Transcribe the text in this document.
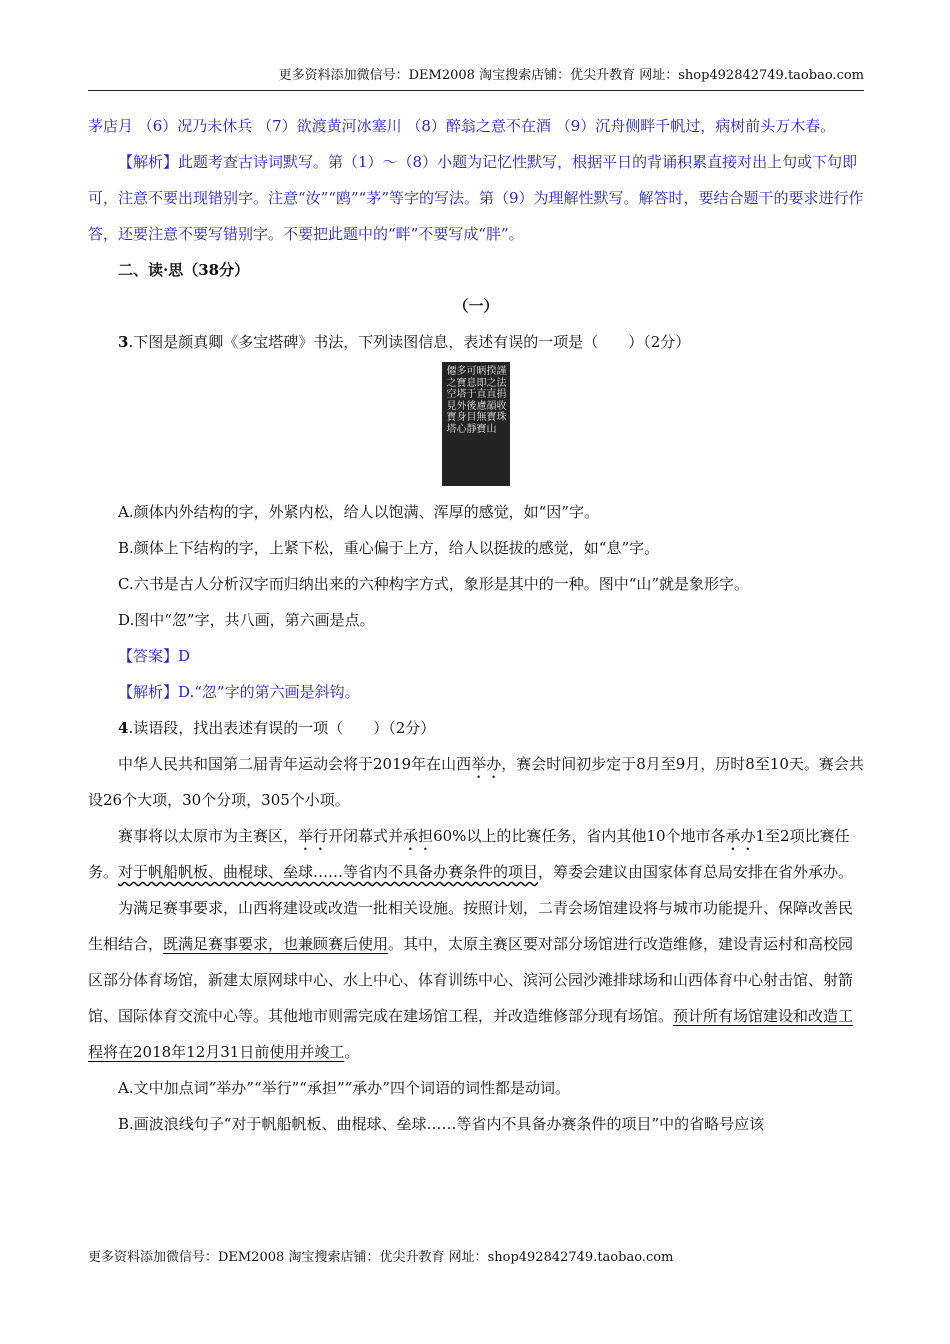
更多资料添加微信号：DEM2008 淘宝搜索店铺：优尖升教育 网址：shop492842749.taobao.com

茅店月 （6）况乃未休兵 （7）欲渡黄河冰塞川 （8）醉翁之意不在酒 （9）沉舟侧畔千帆过，病树前头万木春。

【解析】此题考查古诗词默写。第（1）～（8）小题为记忆性默写，根据平日的背诵积累直接对出上句或下句即可，注意不要出现错别字。注意“汝”“鸥”“茅”等字的写法。第（9）为理解性默写。解答时，要结合题干的要求进行作答，还要注意不要写错别字。不要把此题中的“畔”不要写成“胖”。

二、读·思（38分）

（一）

3.下图是颜真卿《多宝塔碑》书法，下列读图信息，表述有误的一项是（　　）（2分）

謹法捐收珠
揆之直韻寳山
昞即直慮無寶
可息于後目靜
多寶塔外身心
僊之空見寳塔

A.颜体内外结构的字，外紧内松，给人以饱满、浑厚的感觉，如“因”字。

B.颜体上下结构的字，上紧下松，重心偏于上方，给人以挺拔的感觉，如“息”字。

C.六书是古人分析汉字而归纳出来的六种构字方式，象形是其中的一种。图中“山”就是象形字。

D.图中“忽”字，共八画，第六画是点。

【答案】D

【解析】D.“忽”字的第六画是斜钩。

4.读语段，找出表述有误的一项（　　）（2分）

中华人民共和国第二届青年运动会将于2019年在山西举办，赛会时间初步定于8月至9月，历时8至10天。赛会共设26个大项，30个分项，305个小项。

赛事将以太原市为主赛区，举行开闭幕式并承担60%以上的比赛任务，省内其他10个地市各承办1至2项比赛任务。对于帆船帆板、曲棍球、垒球……等省内不具备办赛条件的项目，筹委会建议由国家体育总局安排在省外承办。

为满足赛事要求，山西将建设或改造一批相关设施。按照计划，二青会场馆建设将与城市功能提升、保障改善民生相结合，既满足赛事要求，也兼顾赛后使用。其中，太原主赛区要对部分场馆进行改造维修，建设青运村和高校园区部分体育场馆，新建太原网球中心、水上中心、体育训练中心、滨河公园沙滩排球场和山西体育中心射击馆、射箭馆、国际体育交流中心等。其他地市则需完成在建场馆工程，并改造维修部分现有场馆。预计所有场馆建设和改造工程将在2018年12月31日前使用并竣工。

A.文中加点词“举办”“举行”“承担”“承办”四个词语的词性都是动词。

B.画波浪线句子“对于帆船帆板、曲棍球、垒球……等省内不具备办赛条件的项目”中的省略号应该

更多资料添加微信号：DEM2008 淘宝搜索店铺：优尖升教育 网址：shop492842749.taobao.com
